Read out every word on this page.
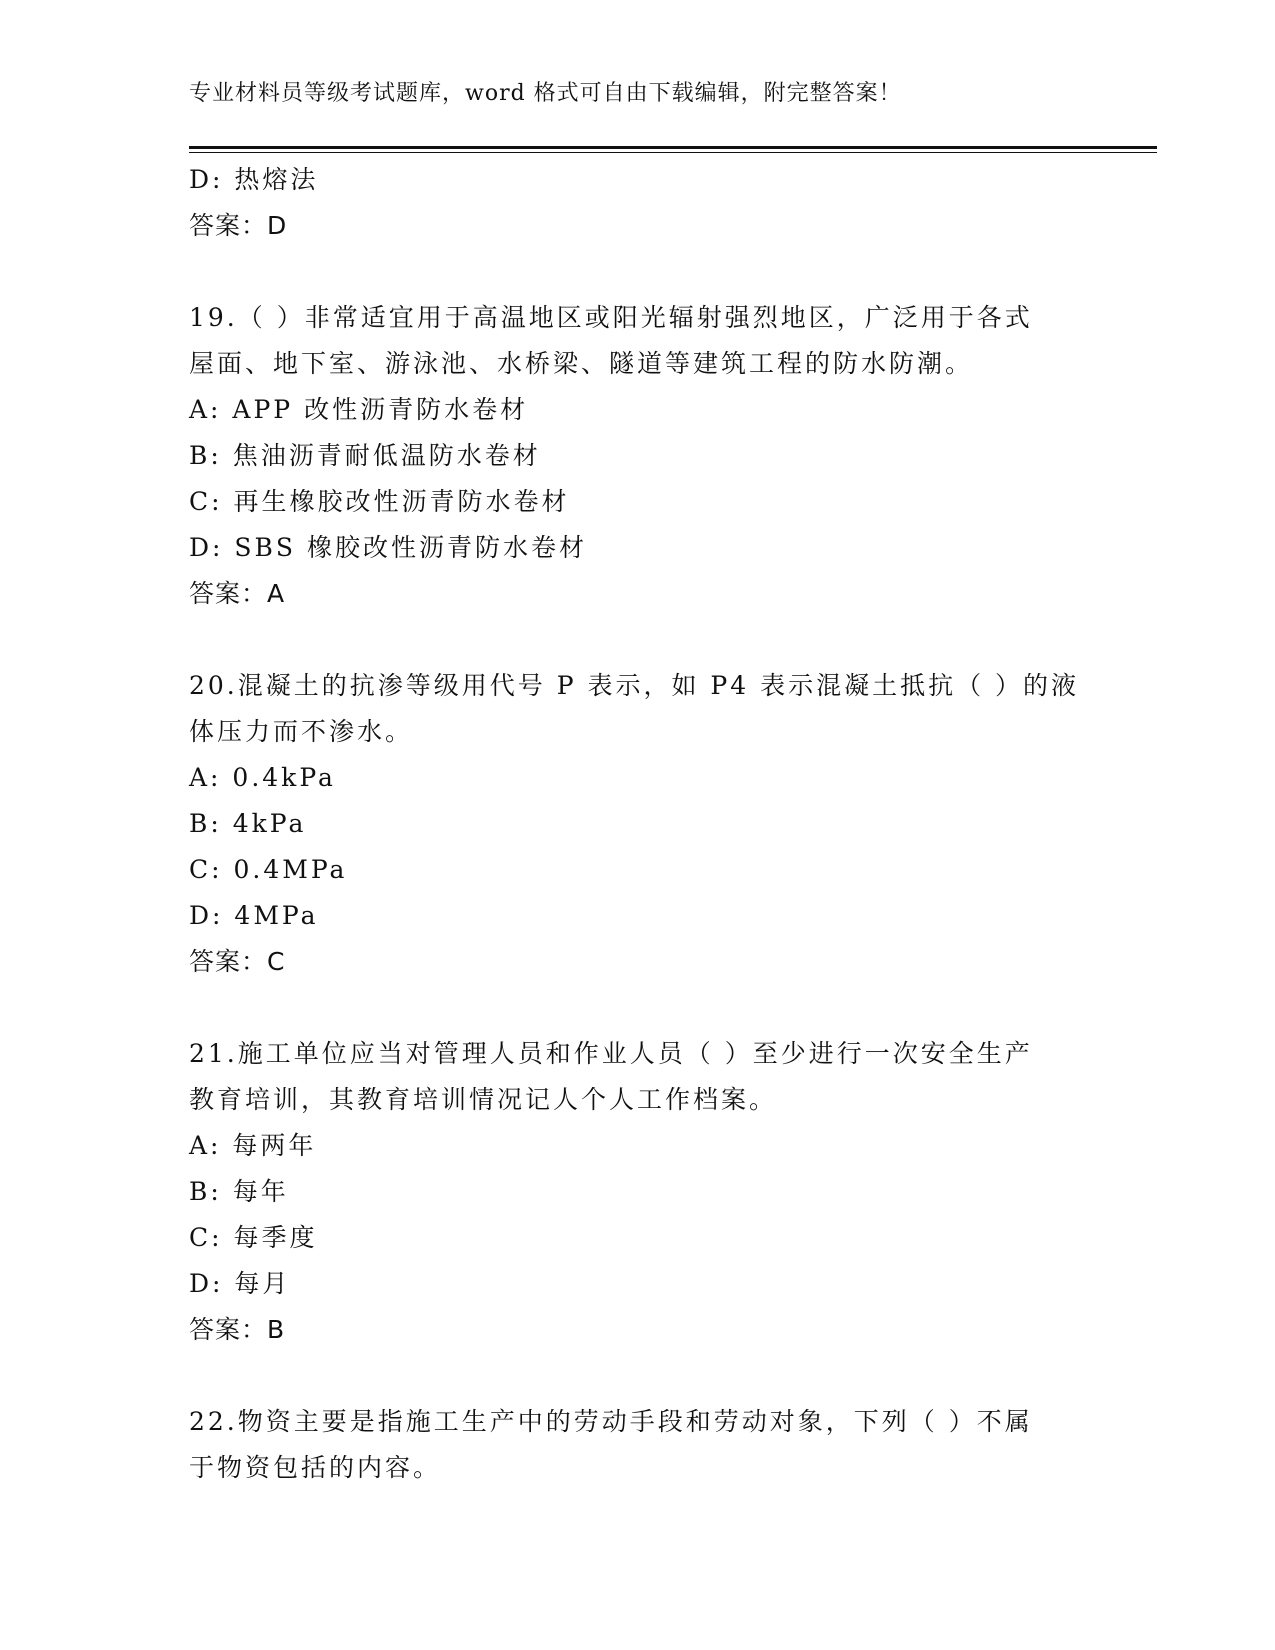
专业材料员等级考试题库，word 格式可自由下载编辑，附完整答案！
D: 热熔法
答案：D
19.（ ）非常适宜用于高温地区或阳光辐射强烈地区，广泛用于各式
屋面、地下室、游泳池、水桥梁、隧道等建筑工程的防水防潮。
A: APP 改性沥青防水卷材
B: 焦油沥青耐低温防水卷材
C: 再生橡胶改性沥青防水卷材
D: SBS 橡胶改性沥青防水卷材
答案：A
20.混凝土的抗渗等级用代号 P 表示，如 P4 表示混凝土抵抗（ ）的液
体压力而不渗水。
A: 0.4kPa
B: 4kPa
C: 0.4MPa
D: 4MPa
答案：C
21.施工单位应当对管理人员和作业人员（ ）至少进行一次安全生产
教育培训，其教育培训情况记人个人工作档案。
A: 每两年
B: 每年
C: 每季度
D: 每月
答案：B
22.物资主要是指施工生产中的劳动手段和劳动对象，下列（ ）不属
于物资包括的内容。
